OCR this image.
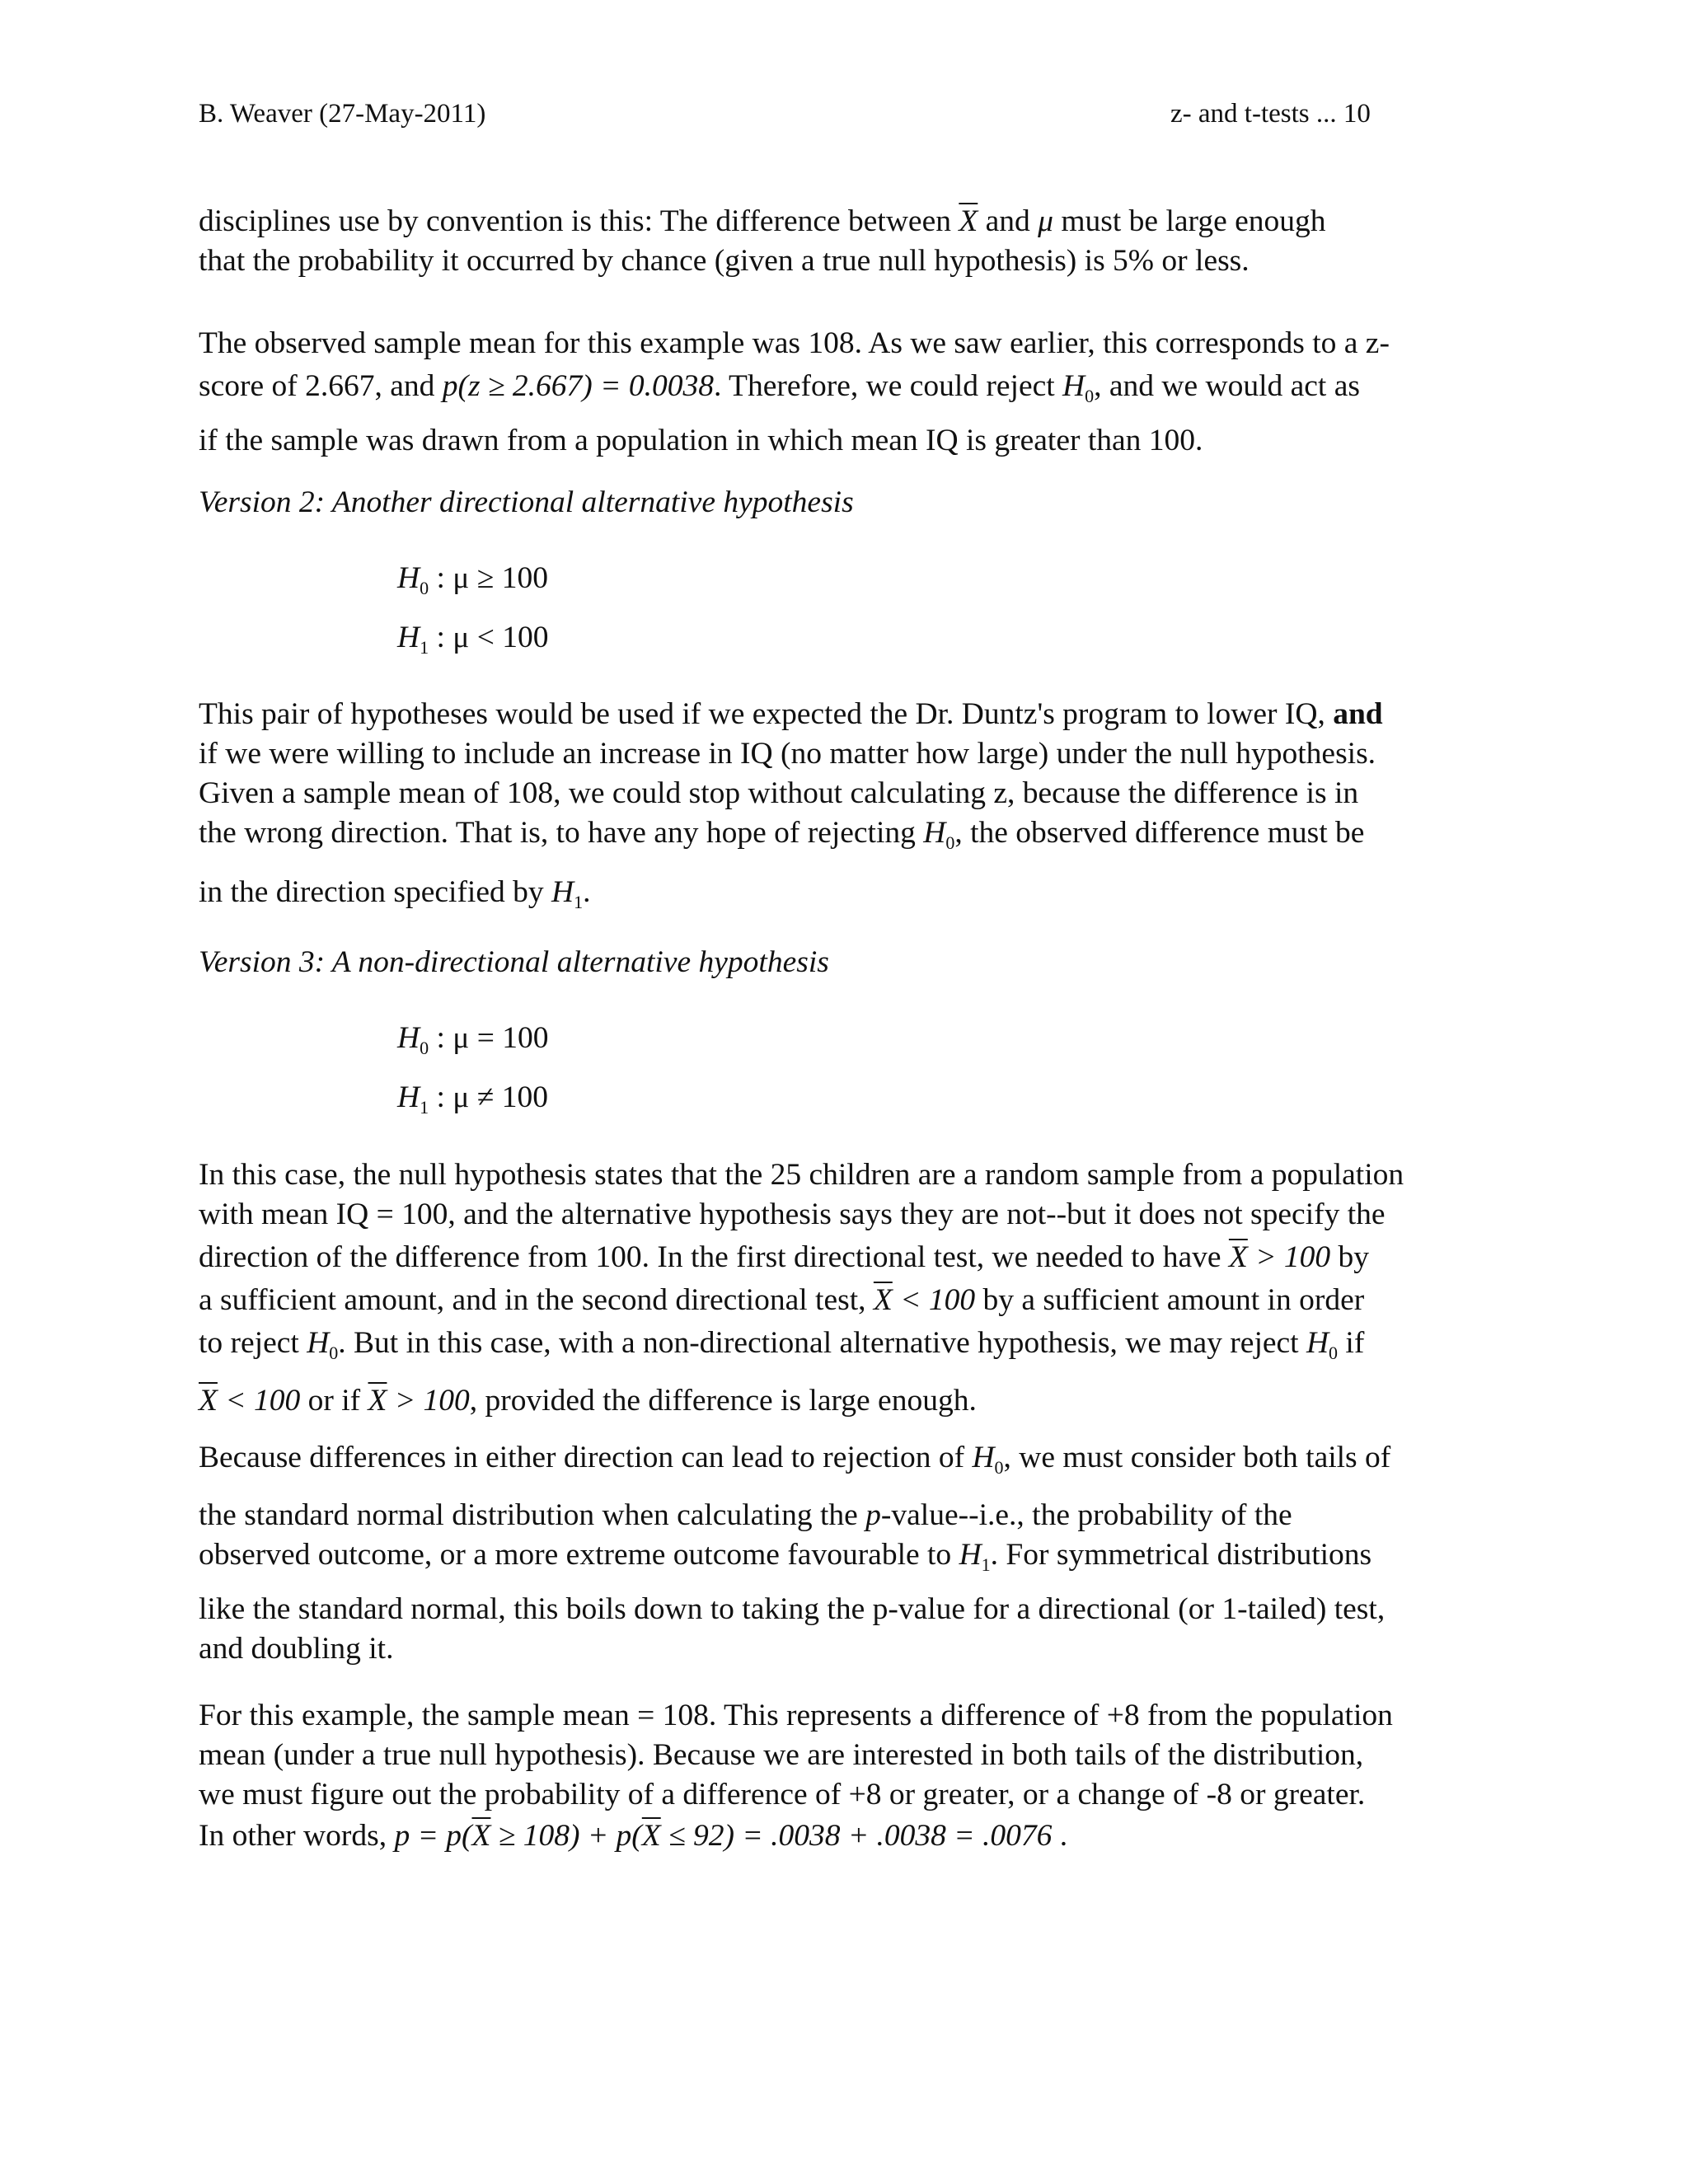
B. Weaver (27-May-2011)	z- and t-tests ... 10
disciplines use by convention is this: The difference between $\overline{X}$ and μ must be large enough
that the probability it occurred by chance (given a true null hypothesis) is 5% or less.
The observed sample mean for this example was 108. As we saw earlier, this corresponds to a z-
score of 2.667, and p(z ≥ 2.667) = 0.0038. Therefore, we could reject $H_0$, and we would act as
if the sample was drawn from a population in which mean IQ is greater than 100.
Version 2: Another directional alternative hypothesis
$H_0$ : μ ≥ 100
$H_1$ : μ < 100
This pair of hypotheses would be used if we expected the Dr. Duntz's program to lower IQ, and
if we were willing to include an increase in IQ (no matter how large) under the null hypothesis.
Given a sample mean of 108, we could stop without calculating z, because the difference is in
the wrong direction. That is, to have any hope of rejecting $H_0$, the observed difference must be
in the direction specified by $H_1$.
Version 3: A non-directional alternative hypothesis
$H_0$ : μ = 100
$H_1$ : μ ≠ 100
In this case, the null hypothesis states that the 25 children are a random sample from a population
with mean IQ = 100, and the alternative hypothesis says they are not--but it does not specify the
direction of the difference from 100. In the first directional test, we needed to have $\overline{X} > 100$ by
a sufficient amount, and in the second directional test, $\overline{X} < 100$ by a sufficient amount in order
to reject $H_0$. But in this case, with a non-directional alternative hypothesis, we may reject $H_0$ if
$\overline{X} < 100$ or if $\overline{X} > 100$, provided the difference is large enough.
Because differences in either direction can lead to rejection of $H_0$, we must consider both tails of
the standard normal distribution when calculating the p-value--i.e., the probability of the
observed outcome, or a more extreme outcome favourable to $H_1$. For symmetrical distributions
like the standard normal, this boils down to taking the p-value for a directional (or 1-tailed) test,
and doubling it.
For this example, the sample mean = 108. This represents a difference of +8 from the population
mean (under a true null hypothesis). Because we are interested in both tails of the distribution,
we must figure out the probability of a difference of +8 or greater, or a change of -8 or greater.
In other words, $p = p(\overline{X} \ge 108) + p(\overline{X} \le 92) = .0038 + .0038 = .0076$ .
